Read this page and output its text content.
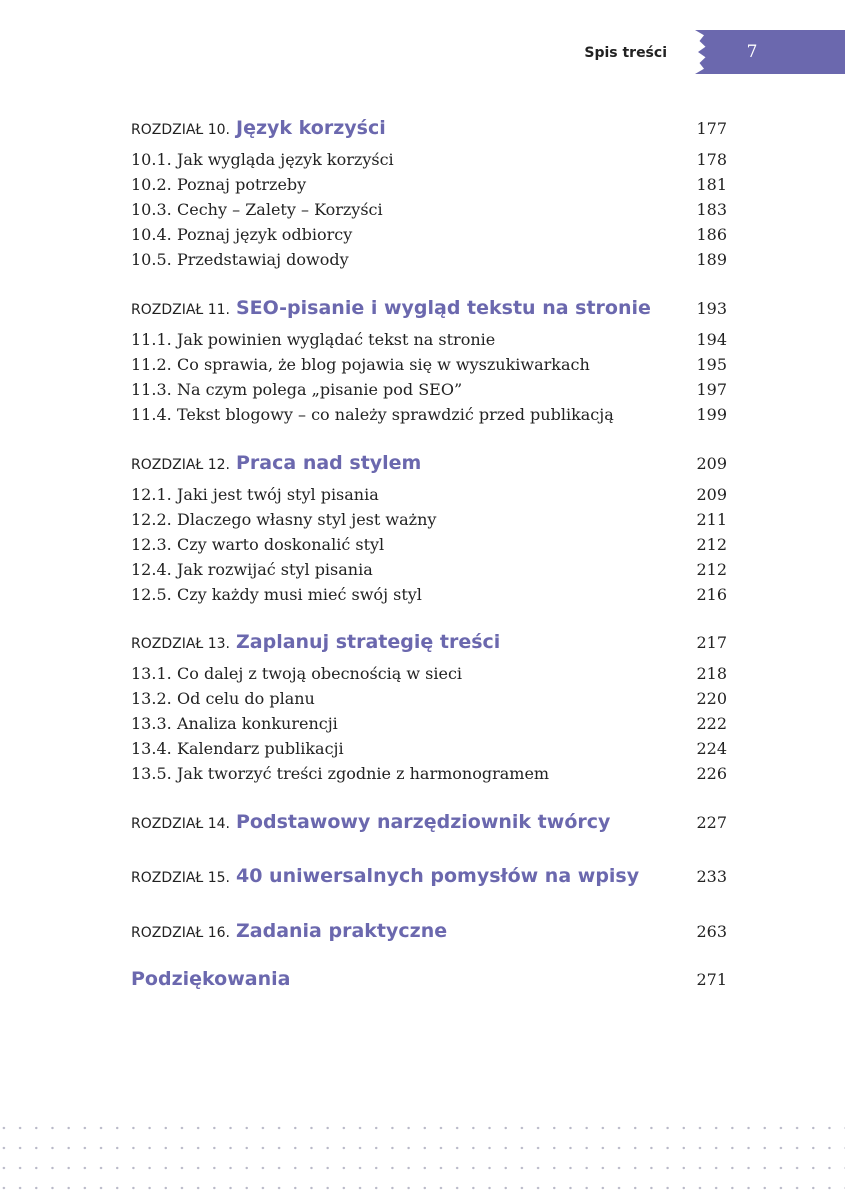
Spis treści	7
ROZDZIAŁ 10. Język korzyści	177
10.1. Jak wygląda język korzyści	178
10.2. Poznaj potrzeby	181
10.3. Cechy – Zalety – Korzyści	183
10.4. Poznaj język odbiorcy	186
10.5. Przedstawiaj dowody	189
ROZDZIAŁ 11. SEO-pisanie i wygląd tekstu na stronie	193
11.1. Jak powinien wyglądać tekst na stronie	194
11.2. Co sprawia, że blog pojawia się w wyszukiwarkach	195
11.3. Na czym polega „pisanie pod SEO”	197
11.4. Tekst blogowy – co należy sprawdzić przed publikacją	199
ROZDZIAŁ 12. Praca nad stylem	209
12.1. Jaki jest twój styl pisania	209
12.2. Dlaczego własny styl jest ważny	211
12.3. Czy warto doskonalić styl	212
12.4. Jak rozwijać styl pisania	212
12.5. Czy każdy musi mieć swój styl	216
ROZDZIAŁ 13. Zaplanuj strategię treści	217
13.1. Co dalej z twoją obecnością w sieci	218
13.2. Od celu do planu	220
13.3. Analiza konkurencji	222
13.4. Kalendarz publikacji	224
13.5. Jak tworzyć treści zgodnie z harmonogramem	226
ROZDZIAŁ 14. Podstawowy narzędziownik twórcy	227
ROZDZIAŁ 15. 40 uniwersalnych pomysłów na wpisy	233
ROZDZIAŁ 16. Zadania praktyczne	263
Podziękowania	271
